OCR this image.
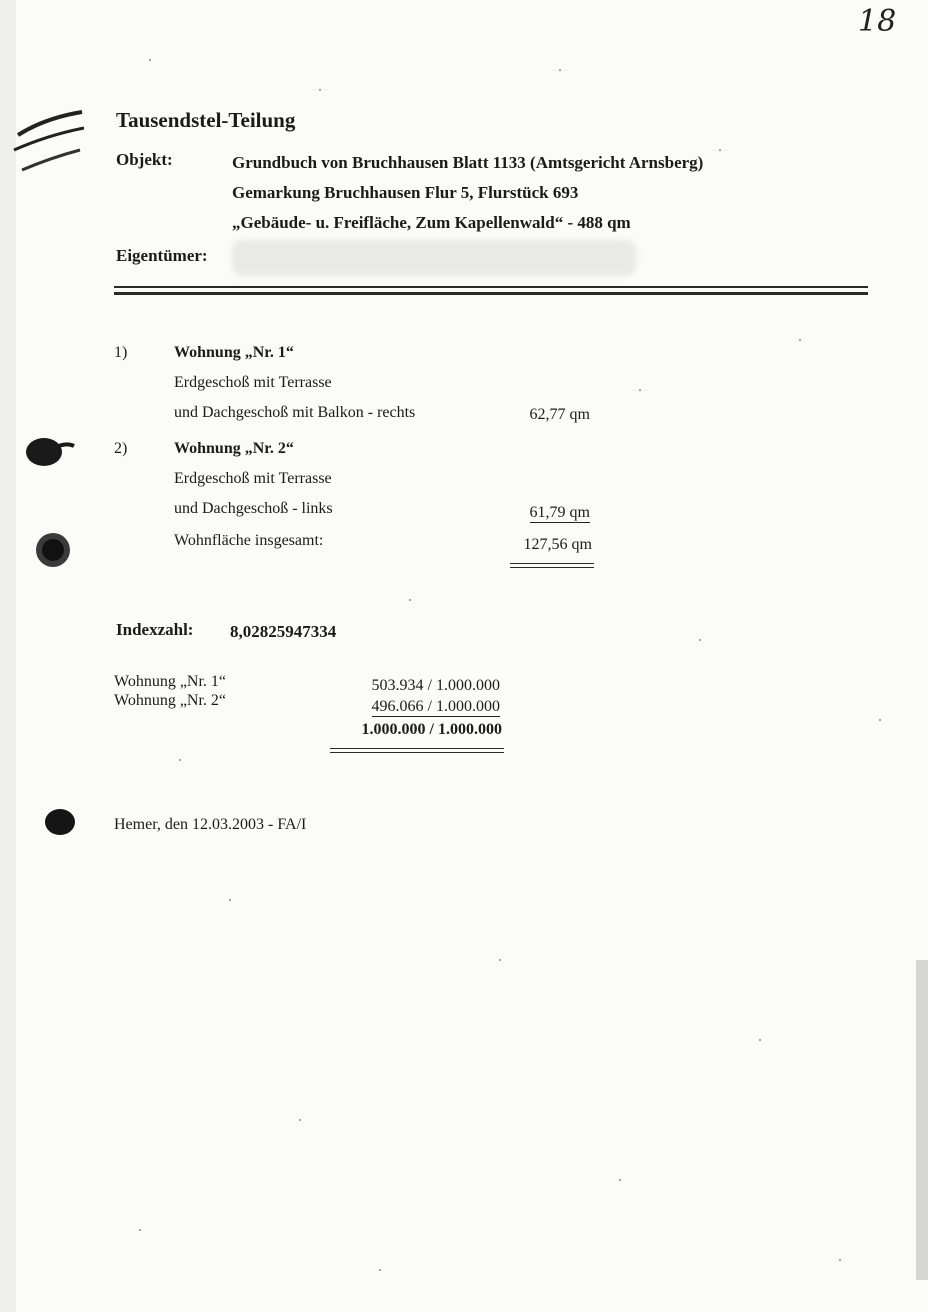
18
Tausendstel-Teilung
Objekt:	Grundbuch von Bruchhausen Blatt 1133 (Amtsgericht Arnsberg)
Gemarkung Bruchhausen Flur 5, Flurstück 693
„Gebäude- u. Freifläche, Zum Kapellenwald“ - 488 qm
Eigentümer:
1)	Wohnung „Nr. 1“
Erdgeschoß mit Terrasse
und Dachgeschoß mit Balkon - rechts	62,77 qm
2)	Wohnung „Nr. 2“
Erdgeschoß mit Terrasse
und Dachgeschoß - links	61,79 qm
Wohnfläche insgesamt:	127,56 qm
Indexzahl: 8,02825947334
Wohnung „Nr. 1“	503.934 / 1.000.000
Wohnung „Nr. 2“	496.066 / 1.000.000
1.000.000 / 1.000.000
Hemer, den 12.03.2003 - FA/I
